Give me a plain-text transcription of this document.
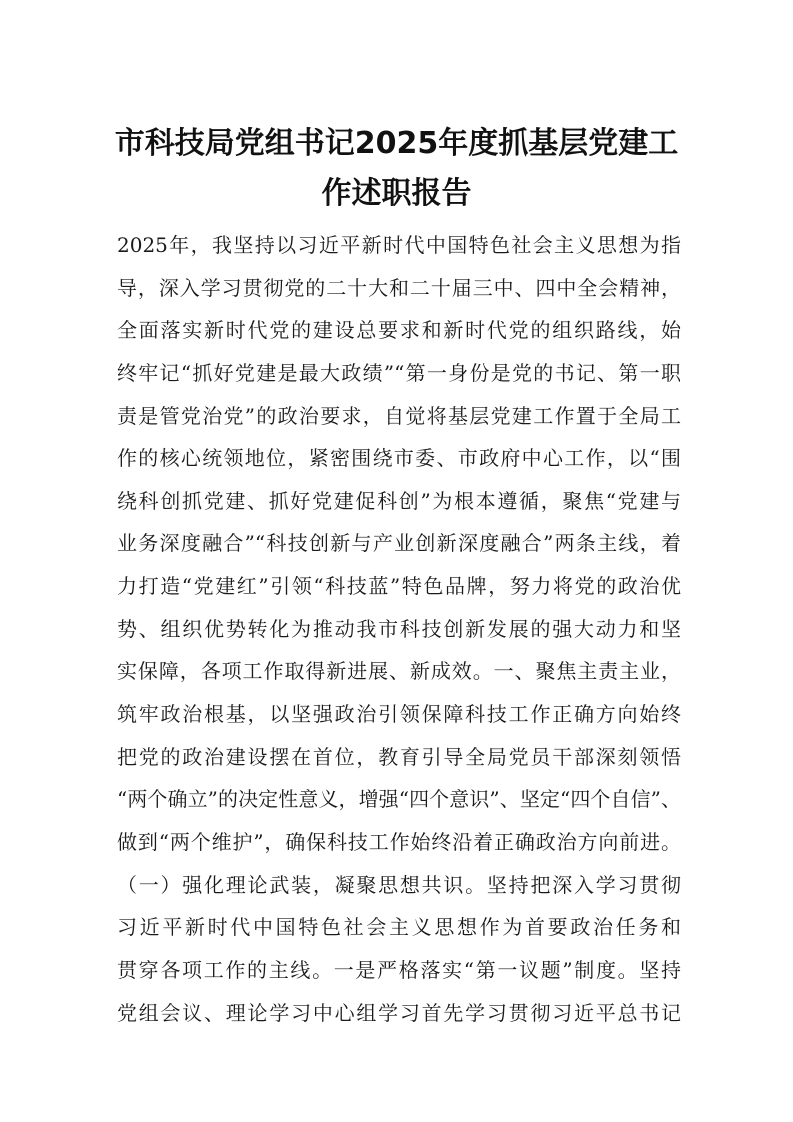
市科技局党组书记2025年度抓基层党建工
作述职报告
2025年，我坚持以习近平新时代中国特色社会主义思想为指
导，深入学习贯彻党的二十大和二十届三中、四中全会精神，
全面落实新时代党的建设总要求和新时代党的组织路线，始
终牢记“抓好党建是最大政绩”“第一身份是党的书记、第一职
责是管党治党”的政治要求，自觉将基层党建工作置于全局工
作的核心统领地位，紧密围绕市委、市政府中心工作，以“围
绕科创抓党建、抓好党建促科创”为根本遵循，聚焦“党建与
业务深度融合”“科技创新与产业创新深度融合”两条主线，着
力打造“党建红”引领“科技蓝”特色品牌，努力将党的政治优
势、组织优势转化为推动我市科技创新发展的强大动力和坚
实保障，各项工作取得新进展、新成效。一、聚焦主责主业，
筑牢政治根基，以坚强政治引领保障科技工作正确方向始终
把党的政治建设摆在首位，教育引导全局党员干部深刻领悟
“两个确立”的决定性意义，增强“四个意识”、坚定“四个自信”、
做到“两个维护”，确保科技工作始终沿着正确政治方向前进。
（一）强化理论武装，凝聚思想共识。坚持把深入学习贯彻
习近平新时代中国特色社会主义思想作为首要政治任务和
贯穿各项工作的主线。一是严格落实“第一议题”制度。坚持
党组会议、理论学习中心组学习首先学习贯彻习近平总书记
